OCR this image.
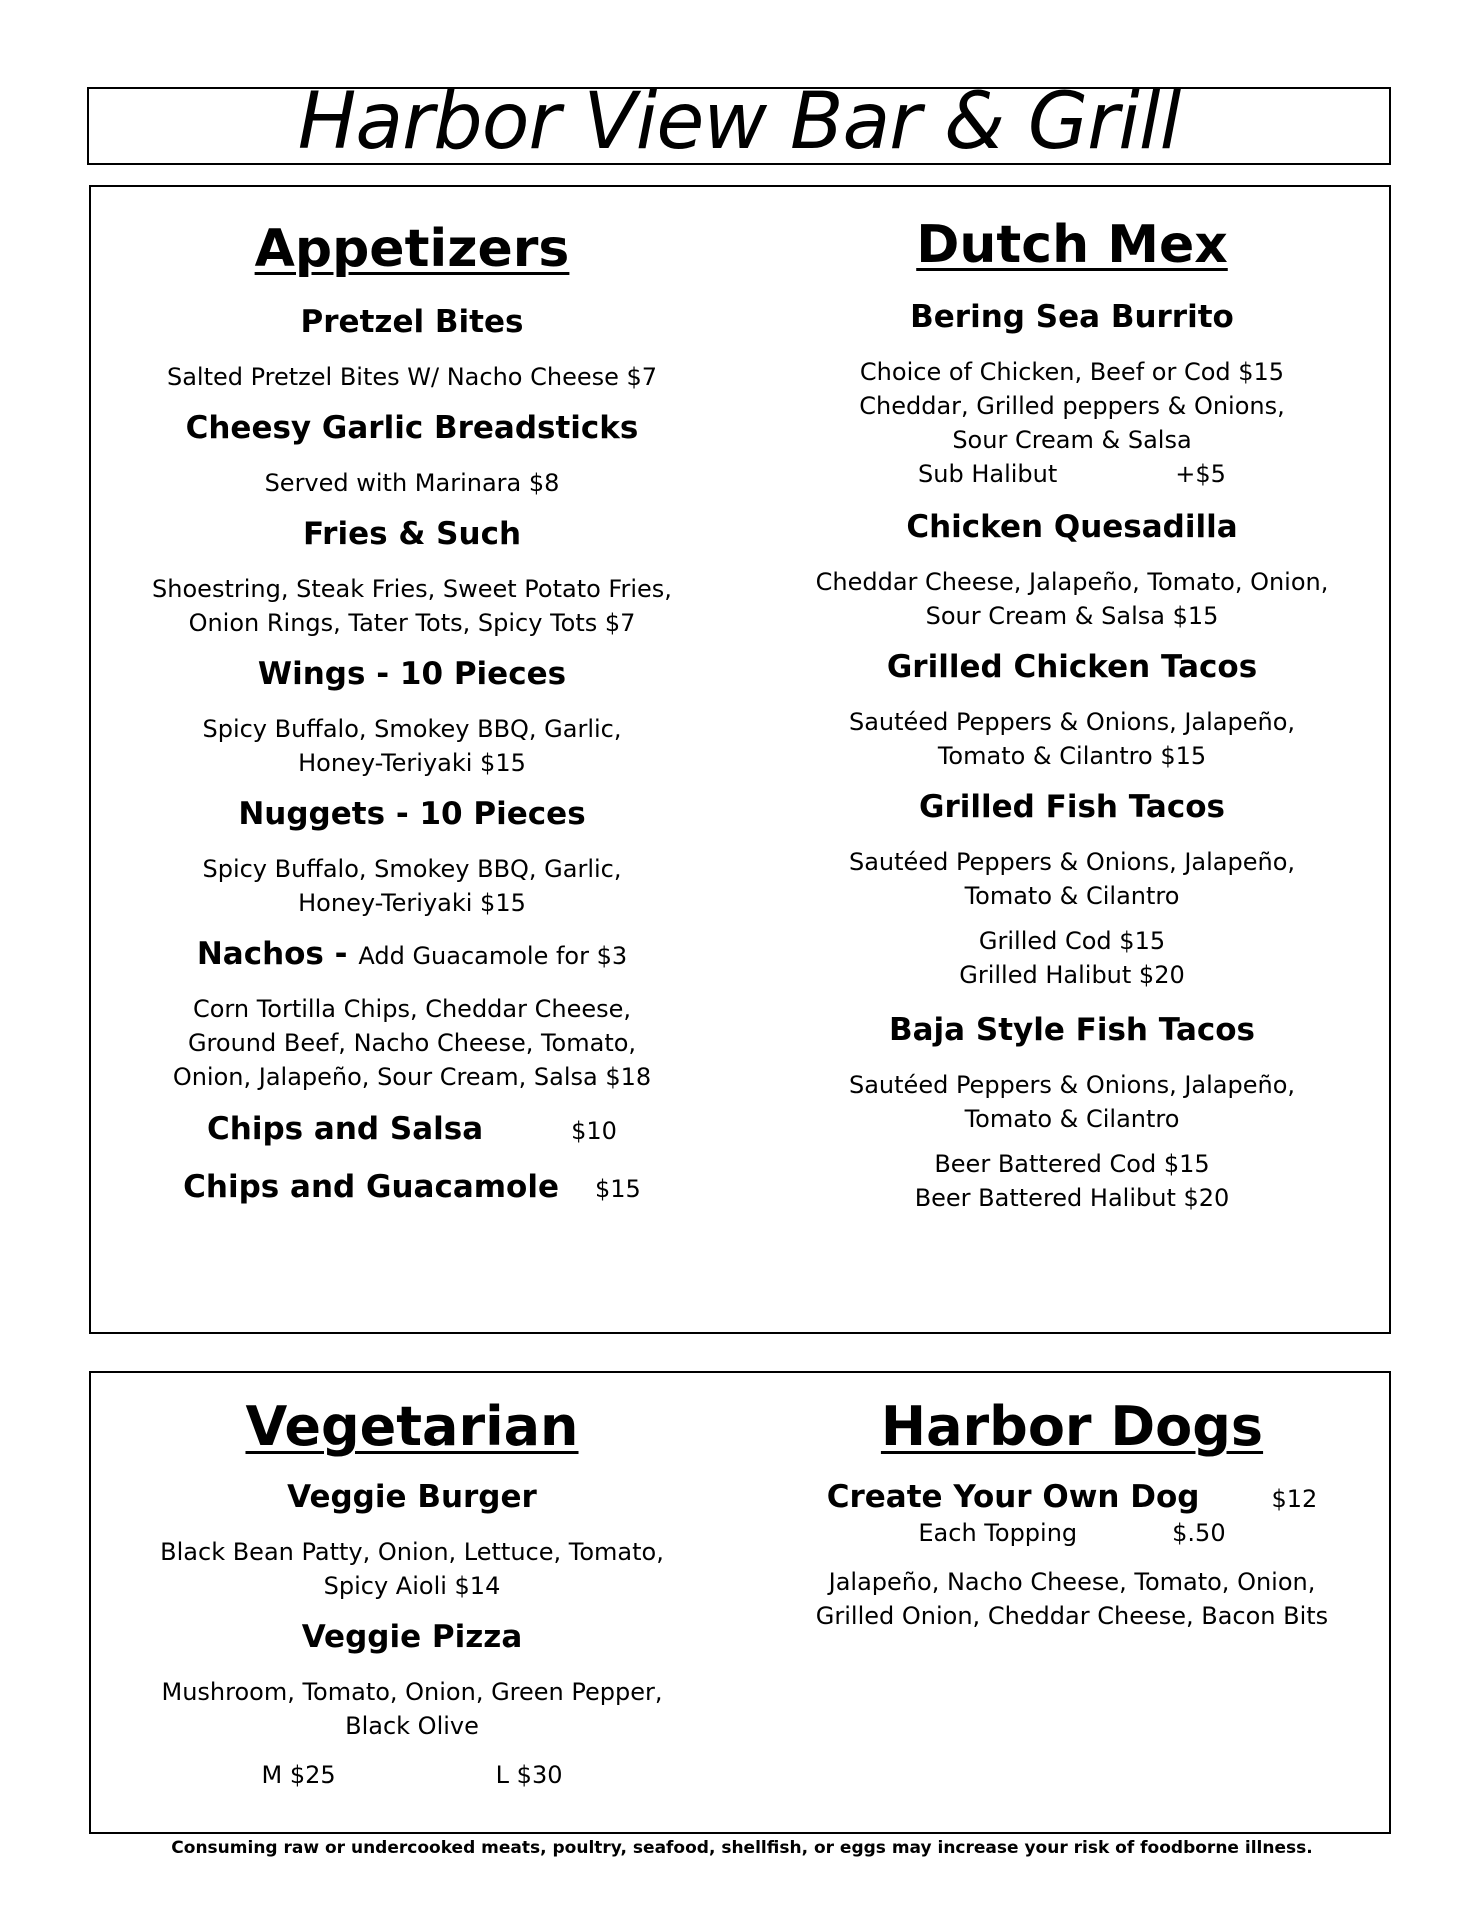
Harbor View Bar & Grill

Appetizers

Pretzel Bites

Salted Pretzel Bites W/ Nacho Cheese $7

Cheesy Garlic Breadsticks

Served with Marinara $8

Fries & Such

Shoestring, Steak Fries, Sweet Potato Fries,
Onion Rings, Tater Tots, Spicy Tots $7

Wings - 10 Pieces

Spicy Buffalo, Smokey BBQ, Garlic,
Honey-Teriyaki $15

Nuggets - 10 Pieces

Spicy Buffalo, Smokey BBQ, Garlic,
Honey-Teriyaki $15

Nachos - Add Guacamole for $3

Corn Tortilla Chips, Cheddar Cheese,
Ground Beef, Nacho Cheese, Tomato,
Onion, Jalapeño, Sour Cream, Salsa $18

Chips and Salsa	$10

Chips and Guacamole $15

Dutch Mex

Bering Sea Burrito

Choice of Chicken, Beef or Cod $15
Cheddar, Grilled peppers & Onions,
Sour Cream & Salsa

Sub Halibut	+$5

Chicken Quesadilla

Cheddar Cheese, Jalapeño, Tomato, Onion,
Sour Cream & Salsa $15

Grilled Chicken Tacos

Sautéed Peppers & Onions, Jalapeño,
Tomato & Cilantro $15

Grilled Fish Tacos

Sautéed Peppers & Onions, Jalapeño,
Tomato & Cilantro

Grilled Cod $15
Grilled Halibut $20

Baja Style Fish Tacos

Sautéed Peppers & Onions, Jalapeño,
Tomato & Cilantro

Beer Battered Cod $15
Beer Battered Halibut $20

Vegetarian

Veggie Burger

Black Bean Patty, Onion, Lettuce, Tomato,
Spicy Aioli $14

Veggie Pizza

Mushroom, Tomato, Onion, Green Pepper,
Black Olive

M $25	L $30

Harbor Dogs

Create Your Own Dog	$12

Each Topping	$.50

Jalapeño, Nacho Cheese, Tomato, Onion,
Grilled Onion, Cheddar Cheese, Bacon Bits

Consuming raw or undercooked meats, poultry, seafood, shellfish, or eggs may increase your risk of foodborne illness.
